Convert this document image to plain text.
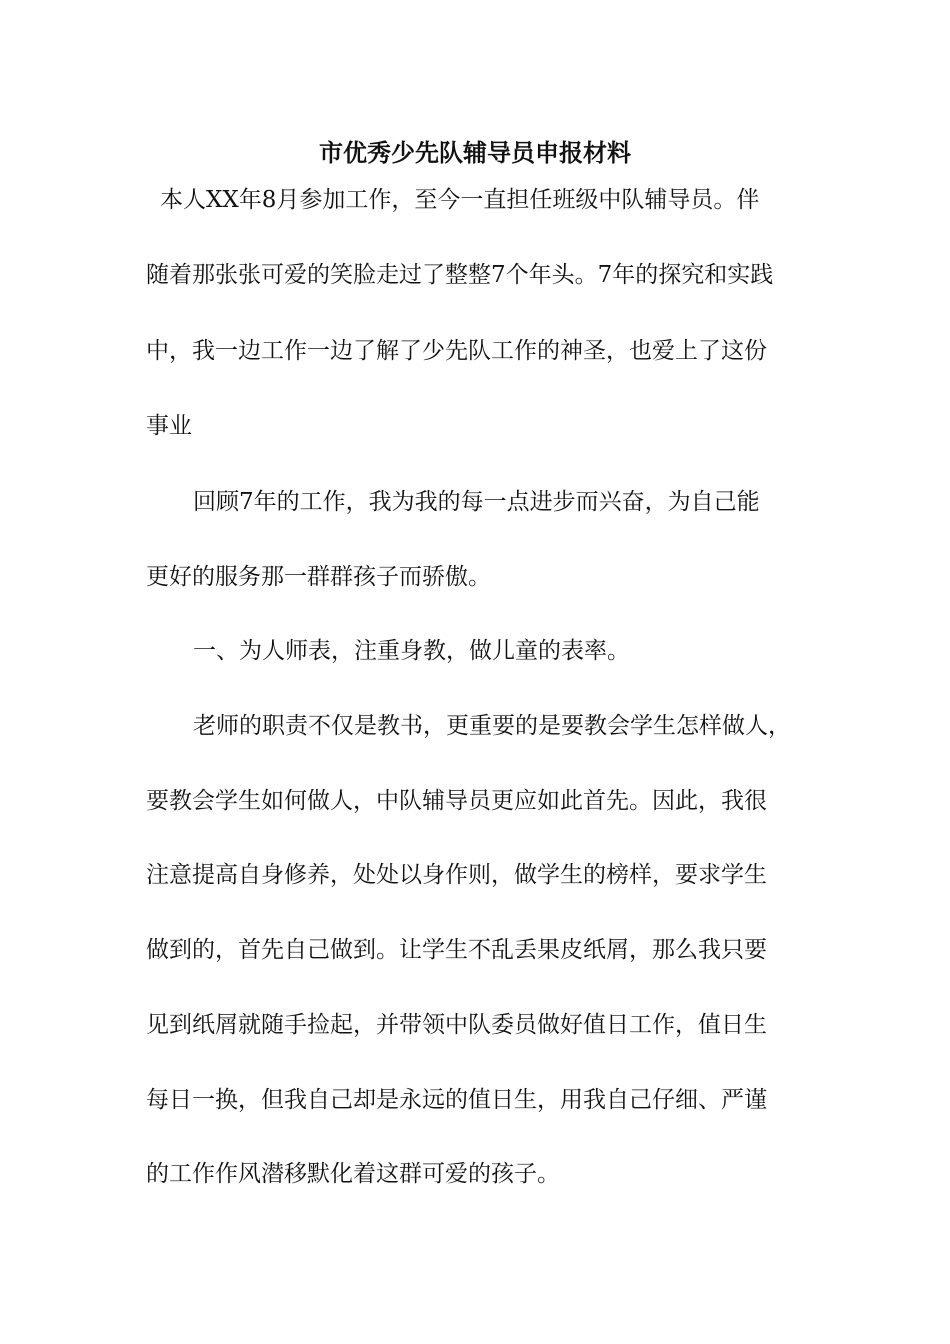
市优秀少先队辅导员申报材料

本人XX年8月参加工作，至今一直担任班级中队辅导员。伴

随着那张张可爱的笑脸走过了整整7个年头。7年的探究和实践

中，我一边工作一边了解了少先队工作的神圣，也爱上了这份

事业

回顾7年的工作，我为我的每一点进步而兴奋，为自己能

更好的服务那一群群孩子而骄傲。

一、为人师表，注重身教，做儿童的表率。

老师的职责不仅是教书，更重要的是要教会学生怎样做人，

要教会学生如何做人，中队辅导员更应如此首先。因此，我很

注意提高自身修养，处处以身作则，做学生的榜样，要求学生

做到的，首先自己做到。让学生不乱丢果皮纸屑，那么我只要

见到纸屑就随手捡起，并带领中队委员做好值日工作，值日生

每日一换，但我自己却是永远的值日生，用我自己仔细、严谨

的工作作风潜移默化着这群可爱的孩子。
